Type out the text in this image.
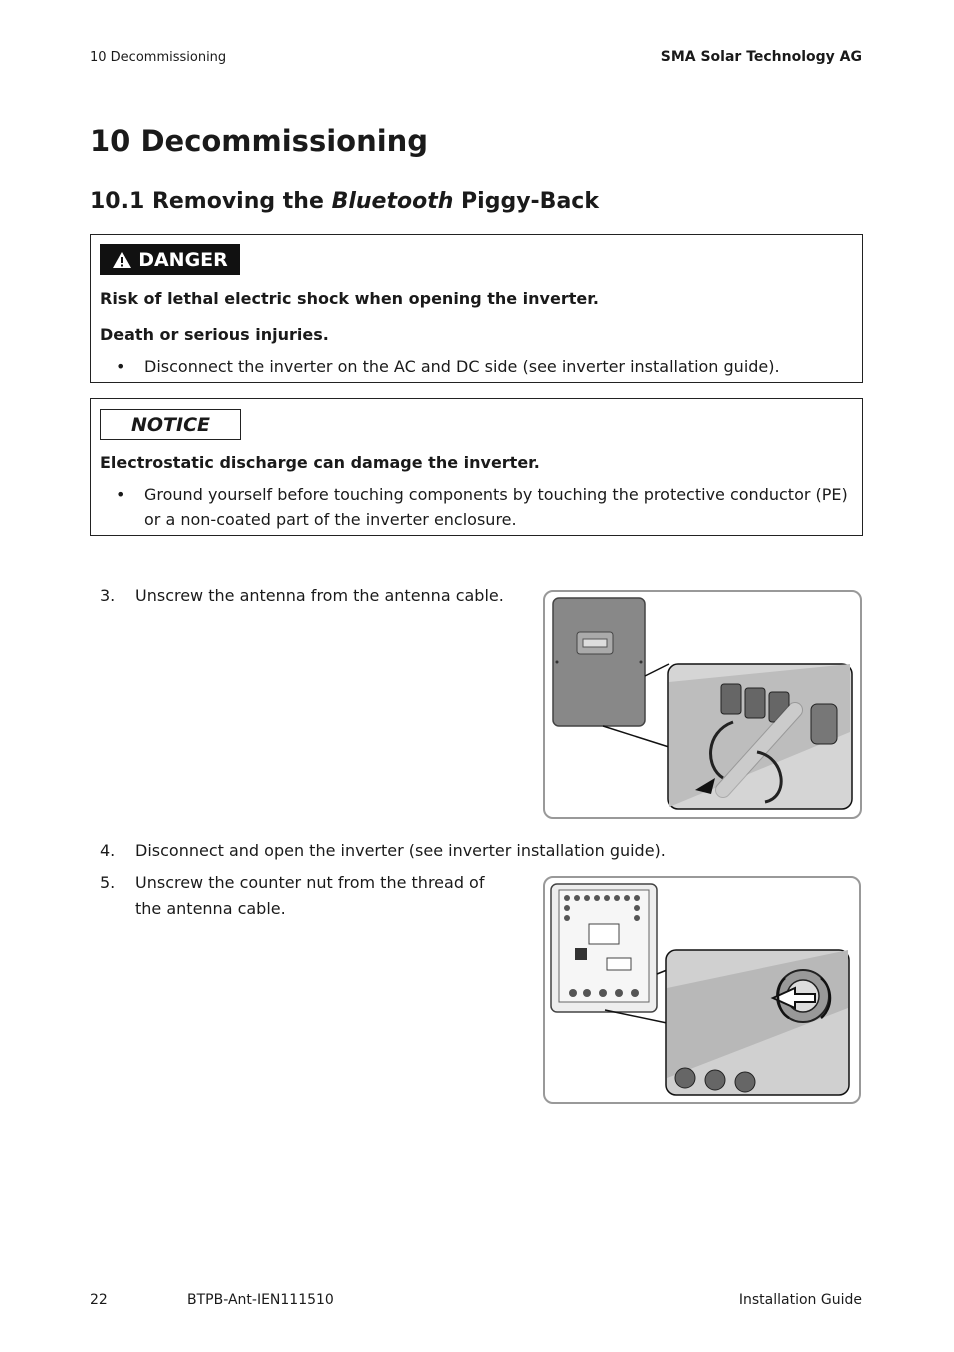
10 Decommissioning	SMA Solar Technology AG
10 Decommissioning
10.1 Removing the Bluetooth Piggy-Back
DANGER
Risk of lethal electric shock when opening the inverter.
Death or serious injuries.
• Disconnect the inverter on the AC and DC side (see inverter installation guide).
NOTICE
Electrostatic discharge can damage the inverter.
• Ground yourself before touching components by touching the protective conductor (PE) or a non-coated part of the inverter enclosure.
3. Unscrew the antenna from the antenna cable.
4. Disconnect and open the inverter (see inverter installation guide).
5. Unscrew the counter nut from the thread of the antenna cable.
22	BTPB-Ant-IEN111510	Installation Guide
